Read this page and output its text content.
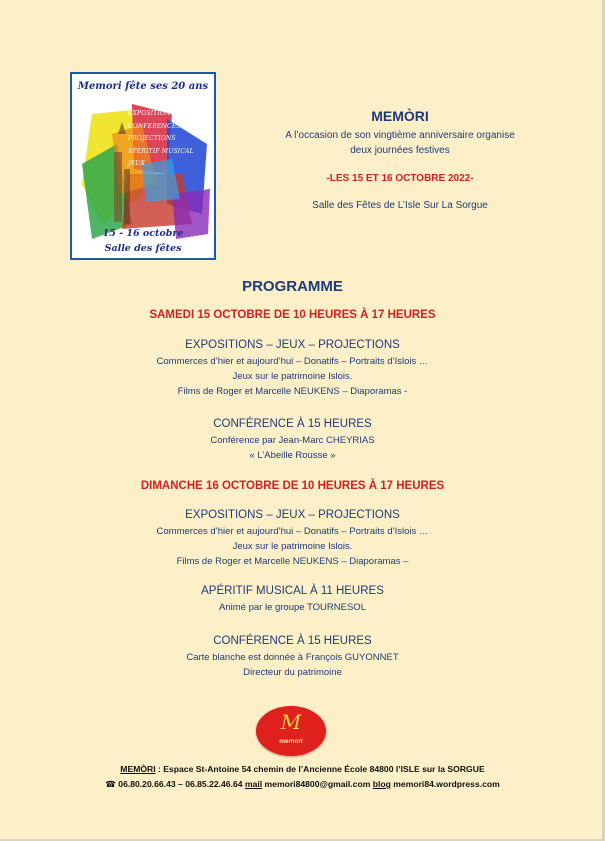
Memori fête ses 20 ans
EXPOSITIONS
CONFERENCES
PROJECTIONS
APERITIF MUSICAL
JEUX
15 - 16 octobre
Salle des fêtes
MEMÒRI
A l’occasion de son vingtième anniversaire organise
deux journées festives
-LES 15 ET 16 OCTOBRE 2022-
Salle des Fêtes de L’Isle Sur La Sorgue
PROGRAMME
SAMEDI 15 OCTOBRE DE 10 HEURES À 17 HEURES
EXPOSITIONS – JEUX – PROJECTIONS
Commerces d’hier et aujourd’hui – Donatifs – Portraits d’Islois …
Jeux sur le patrimoine Islois.
Films de Roger et Marcelle NEUKENS – Diaporamas -
CONFÉRENCE À 15 HEURES
Conférence par Jean-Marc CHEYRIAS
« L’Abeille Rousse »
DIMANCHE 16 OCTOBRE DE 10 HEURES À 17 HEURES
EXPOSITIONS – JEUX – PROJECTIONS
Commerces d’hier et aujourd’hui – Donatifs – Portraits d’Islois …
Jeux sur le patrimoine Islois.
Films de Roger et Marcelle NEUKENS – Diaporamas –
APÉRITIF MUSICAL À 11 HEURES
Animé par le groupe TOURNESOL
CONFÉRENCE À 15 HEURES
Carte blanche est donnée à François GUYONNET
Directeur du patrimoine
M
memori
MEMÒRI : Espace St-Antoine 54 chemin de l’Ancienne École 84800 l’ISLE sur la SORGUE
☎ 06.80.20.66.43 – 06.85.22.46.64 mail memori84800@gmail.com blog memori84.wordpress.com
